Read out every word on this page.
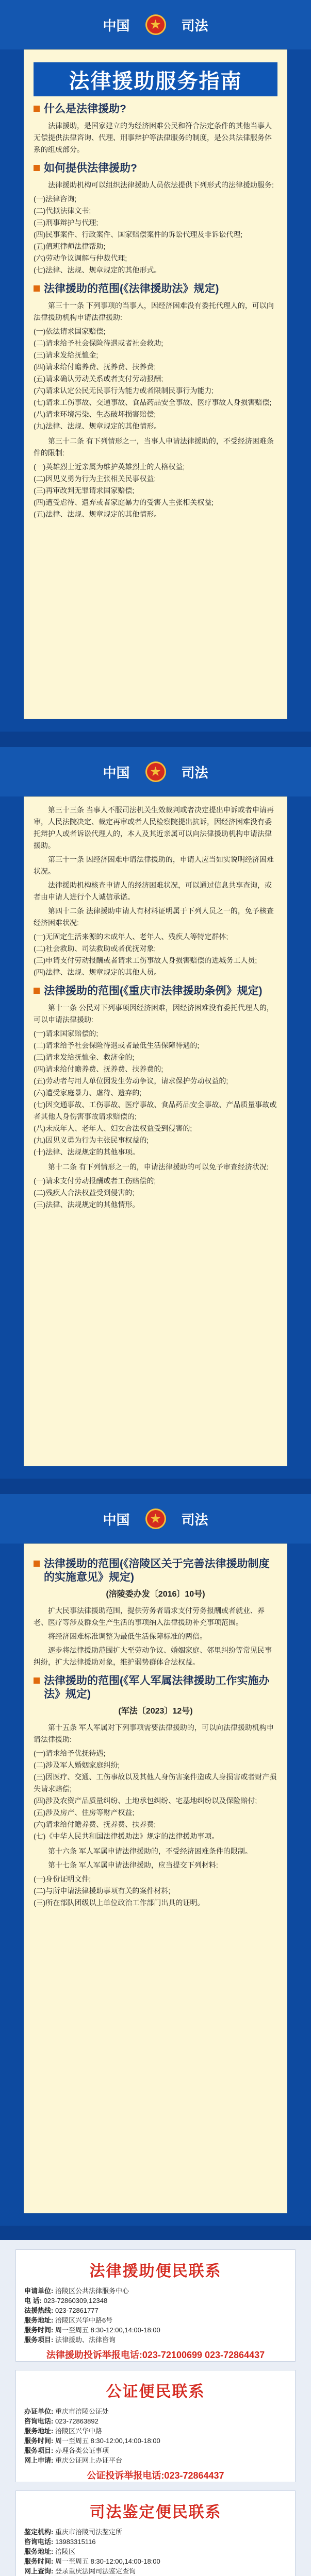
中国	★	司法
法律援助服务指南
什么是法律援助?

法律援助，是国家建立的为经济困难公民和符合法定条件的其他当事人无偿提供法律咨询、代理、刑事辩护等法律服务的制度，是公共法律服务体系的组成部分。

如何提供法律援助?

法律援助机构可以组织法律援助人员依法提供下列形式的法律援助服务:

(一)法律咨询;

(二)代拟法律文书;

(三)刑事辩护与代理;

(四)民事案件、行政案件、国家赔偿案件的诉讼代理及非诉讼代理;

(五)值班律师法律帮助;

(六)劳动争议调解与仲裁代理;

(七)法律、法规、规章规定的其他形式。

法律援助的范围(《法律援助法》规定)

第三十一条 下列事项的当事人，因经济困难没有委托代理人的，可以向法律援助机构申请法律援助:

(一)依法请求国家赔偿;

(二)请求给予社会保险待遇或者社会救助;

(三)请求发给抚恤金;

(四)请求给付赡养费、抚养费、扶养费;

(五)请求确认劳动关系或者支付劳动报酬;

(六)请求认定公民无民事行为能力或者限制民事行为能力;

(七)请求工伤事故、交通事故、食品药品安全事故、医疗事故人身损害赔偿;

(八)请求环境污染、生态破坏损害赔偿;

(九)法律、法规、规章规定的其他情形。

第三十二条 有下列情形之一，当事人申请法律援助的，不受经济困难条件的限制:

(一)英雄烈士近亲属为维护英雄烈士的人格权益;

(二)因见义勇为行为主张相关民事权益;

(三)再审改判无罪请求国家赔偿;

(四)遭受虐待、遗弃或者家庭暴力的受害人主张相关权益;

(五)法律、法规、规章规定的其他情形。

中国	★	司法

第三十三条 当事人不服司法机关生效裁判或者决定提出申诉或者申请再审，人民法院决定、裁定再审或者人民检察院提出抗诉，因经济困难没有委托辩护人或者诉讼代理人的，本人及其近亲属可以向法律援助机构申请法律援助。

第三十一条 因经济困难申请法律援助的，申请人应当如实说明经济困难状况。

法律援助机构核查申请人的经济困难状况，可以通过信息共享查询，或者由申请人进行个人诚信承诺。

第四十二条 法律援助申请人有材料证明属于下列人员之一的，免予核查经济困难状况:

(一)无固定生活来源的未成年人、老年人、残疾人等特定群体;

(二)社会救助、司法救助或者优抚对象;

(三)申请支付劳动报酬或者请求工伤事故人身损害赔偿的进城务工人员;

(四)法律、法规、规章规定的其他人员。

法律援助的范围(《重庆市法律援助条例》规定)

第十一条 公民对下列事项因经济困难，因经济困难没有委托代理人的，可以申请法律援助:

(一)请求国家赔偿的;

(二)请求给予社会保险待遇或者最低生活保障待遇的;

(三)请求发给抚恤金、救济金的;

(四)请求给付赡养费、抚养费、扶养费的;

(五)劳动者与用人单位因发生劳动争议，请求保护劳动权益的;

(六)遭受家庭暴力、虐待、遗弃的;

(七)因交通事故、工伤事故、医疗事故、食品药品安全事故、产品质量事故或者其他人身伤害事故请求赔偿的;

(八)未成年人、老年人、妇女合法权益受到侵害的;

(九)因见义勇为行为主张民事权益的;

(十)法律、法规规定的其他事项。

第十二条 有下列情形之一的，申请法律援助的可以免予审查经济状况:

(一)请求支付劳动报酬或者工伤赔偿的;

(二)残疾人合法权益受到侵害的;

(三)法律、法规规定的其他情形。

中国	★	司法
法律援助的范围(《涪陵区关于完善法律援助制度的实施意见》规定)

(涪陵委办发〔2016〕10号)

扩大民事法律援助范围，提供劳务者请求支付劳务报酬或者就业、养老、医疗等涉及群众生产生活的事项纳入法律援助补充事项范围。

将经济困难标准调整为最低生活保障标准的两倍。

逐步将法律援助范围扩大至劳动争议、婚姻家庭、邻里纠纷等常见民事纠纷，扩大法律援助对象，维护弱势群体合法权益。

法律援助的范围(《军人军属法律援助工作实施办法》规定)

(军法〔2023〕12号)

第十五条 军人军属对下列事项需要法律援助的，可以向法律援助机构申请法律援助:

(一)请求给予优抚待遇;

(二)涉及军人婚姻家庭纠纷;

(三)因医疗、交通、工伤事故以及其他人身伤害案件造成人身损害或者财产损失请求赔偿;

(四)涉及农资产品质量纠纷、土地承包纠纷、宅基地纠纷以及保险赔付;

(五)涉及房产、住房等财产权益;

(六)请求给付赡养费、抚养费、扶养费;

(七)《中华人民共和国法律援助法》规定的法律援助事项。

第十六条 军人军属申请法律援助的，不受经济困难条件的限制。

第十七条 军人军属申请法律援助，应当提交下列材料:

(一)身份证明文件;

(二)与所申请法律援助事项有关的案件材料;

(三)所在部队团级以上单位政治工作部门出具的证明。

法律援助便民联系

申请单位: 涪陵区公共法律服务中心

电 话: 023-72860309,12348

法援热线: 023-72861777

服务地址: 涪陵区兴华中路6号

服务时间: 周一至周五 8:30-12:00,14:00-18:00

服务项目: 法律援助、法律咨询

法律援助投诉举报电话:023-72100699 023-72864437
公证便民联系

办证单位: 重庆市涪陵公证处

咨询电话: 023-72863892

服务地址: 涪陵区兴华中路

服务时间: 周一至周五 8:30-12:00,14:00-18:00

服务项目: 办理各类公证事项

网上申请: 重庆公证网上办证平台

公证投诉举报电话:023-72864437
司法鉴定便民联系

鉴定机构: 重庆市涪陵司法鉴定所

咨询电话: 13983315116

服务地址: 涪陵区

服务时间: 周一至周五 8:30-12:00,14:00-18:00

网上查询: 登录重庆法网司法鉴定查询
